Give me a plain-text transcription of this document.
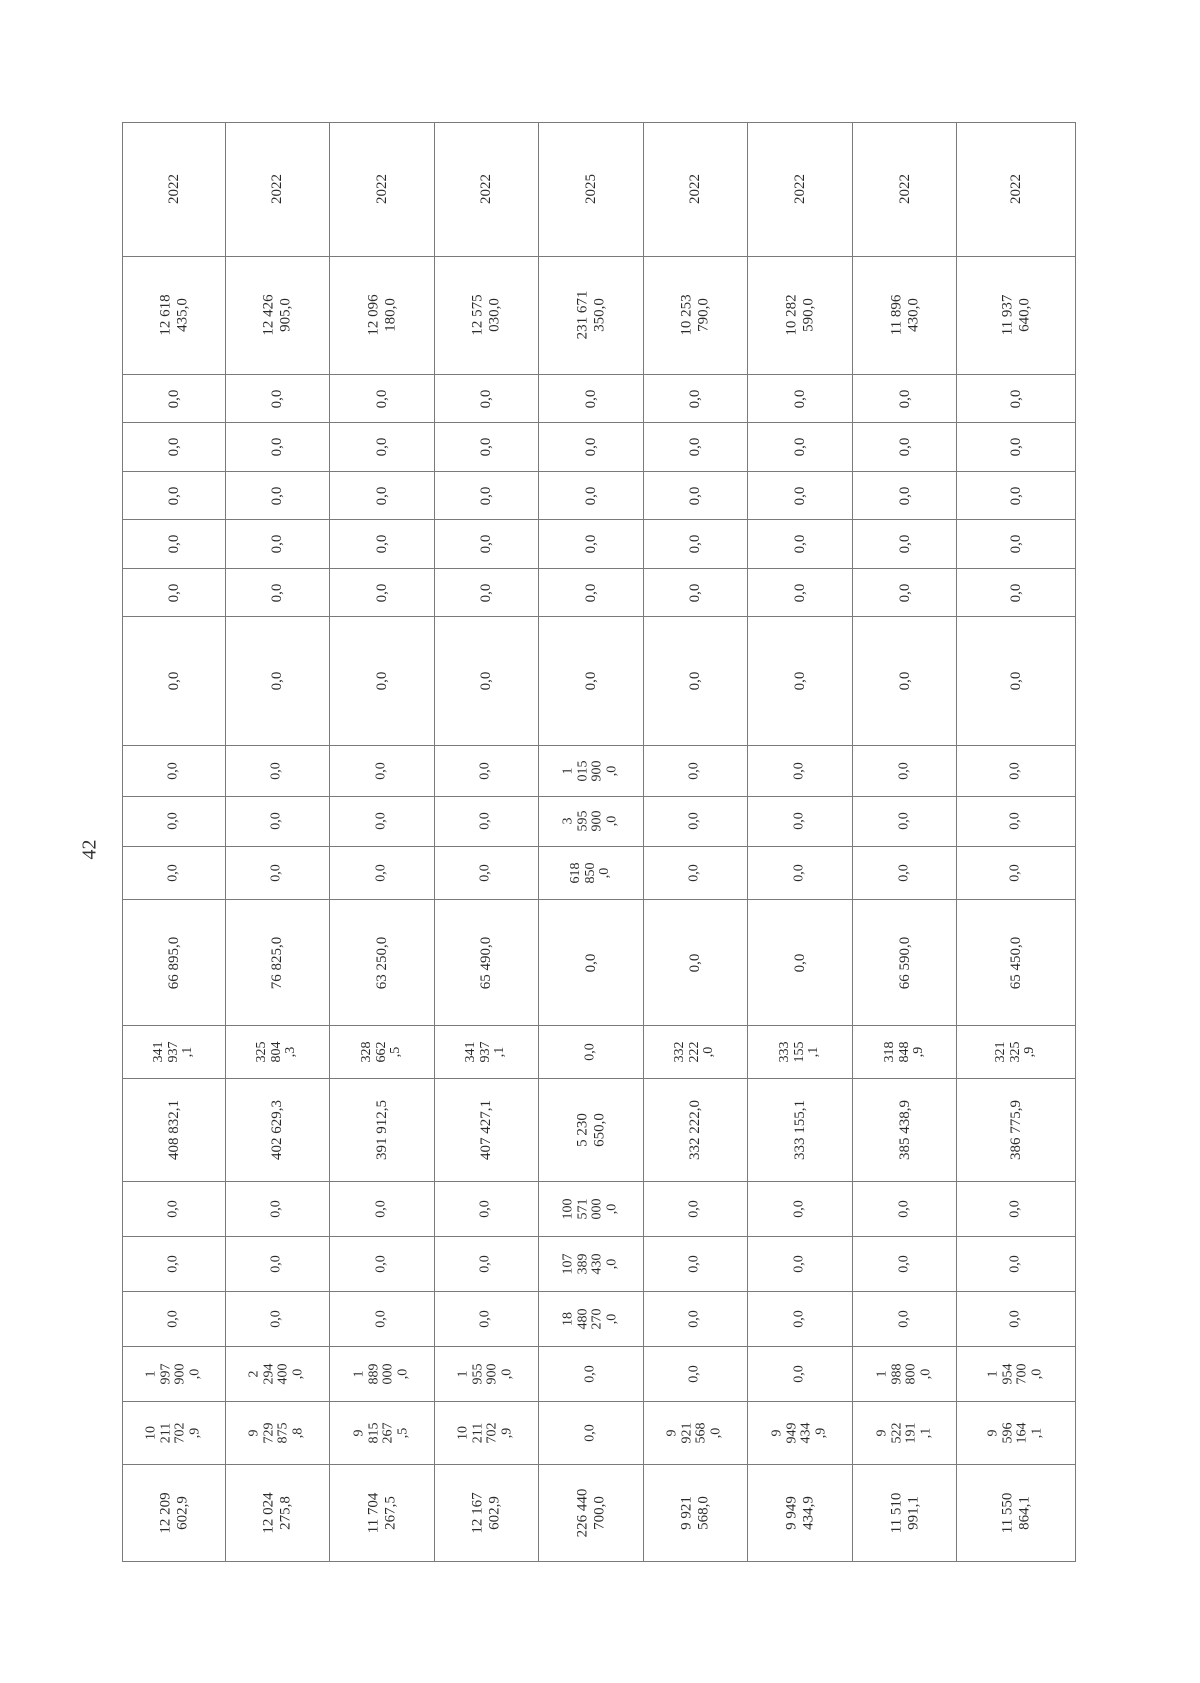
42
2022	2022	2022	2022	2025	2022	2022	2022	2022

12 618
435,0	12 426
905,0	12 096
180,0	12 575
030,0	231 671
350,0	10 253
790,0	10 282
590,0	11 896
430,0	11 937
640,0

0,0	0,0	0,0	0,0	0,0	0,0	0,0	0,0	0,0

0,0	0,0	0,0	0,0	0,0	0,0	0,0	0,0	0,0

0,0	0,0	0,0	0,0	0,0	0,0	0,0	0,0	0,0

0,0	0,0	0,0	0,0	0,0	0,0	0,0	0,0	0,0

0,0	0,0	0,0	0,0	0,0	0,0	0,0	0,0	0,0

0,0	0,0	0,0	0,0	0,0	0,0	0,0	0,0	0,0

0,0	0,0	0,0	0,0	1
015
900
,0	0,0	0,0	0,0	0,0

0,0	0,0	0,0	0,0	3
595
900
,0	0,0	0,0	0,0	0,0

0,0	0,0	0,0	0,0	618
850
,0	0,0	0,0	0,0	0,0

66 895,0	76 825,0	63 250,0	65 490,0	0,0	0,0	0,0	66 590,0	65 450,0

341
937
,1	325
804
,3	328
662
,5	341
937
,1	0,0	332
222
,0	333
155
,1	318
848
,9	321
325
,9

408 832,1	402 629,3	391 912,5	407 427,1	5 230
650,0	332 222,0	333 155,1	385 438,9	386 775,9

0,0	0,0	0,0	0,0	100
571
000
,0	0,0	0,0	0,0	0,0

0,0	0,0	0,0	0,0	107
389
430
,0	0,0	0,0	0,0	0,0

0,0	0,0	0,0	0,0	18
480
270
,0	0,0	0,0	0,0	0,0

1
997
900
,0	2
294
400
,0	1
889
000
,0	1
955
900
,0	0,0	0,0	0,0	1
988
800
,0	1
954
700
,0

10
211
702
,9	9
729
875
,8	9
815
267
,5	10
211
702
,9	0,0	9
921
568
,0	9
949
434
,9	9
522
191
,1	9
596
164
,1

12 209
602,9	12 024
275,8	11 704
267,5	12 167
602,9	226 440
700,0	9 921
568,0	9 949
434,9	11 510
991,1	11 550
864,1
